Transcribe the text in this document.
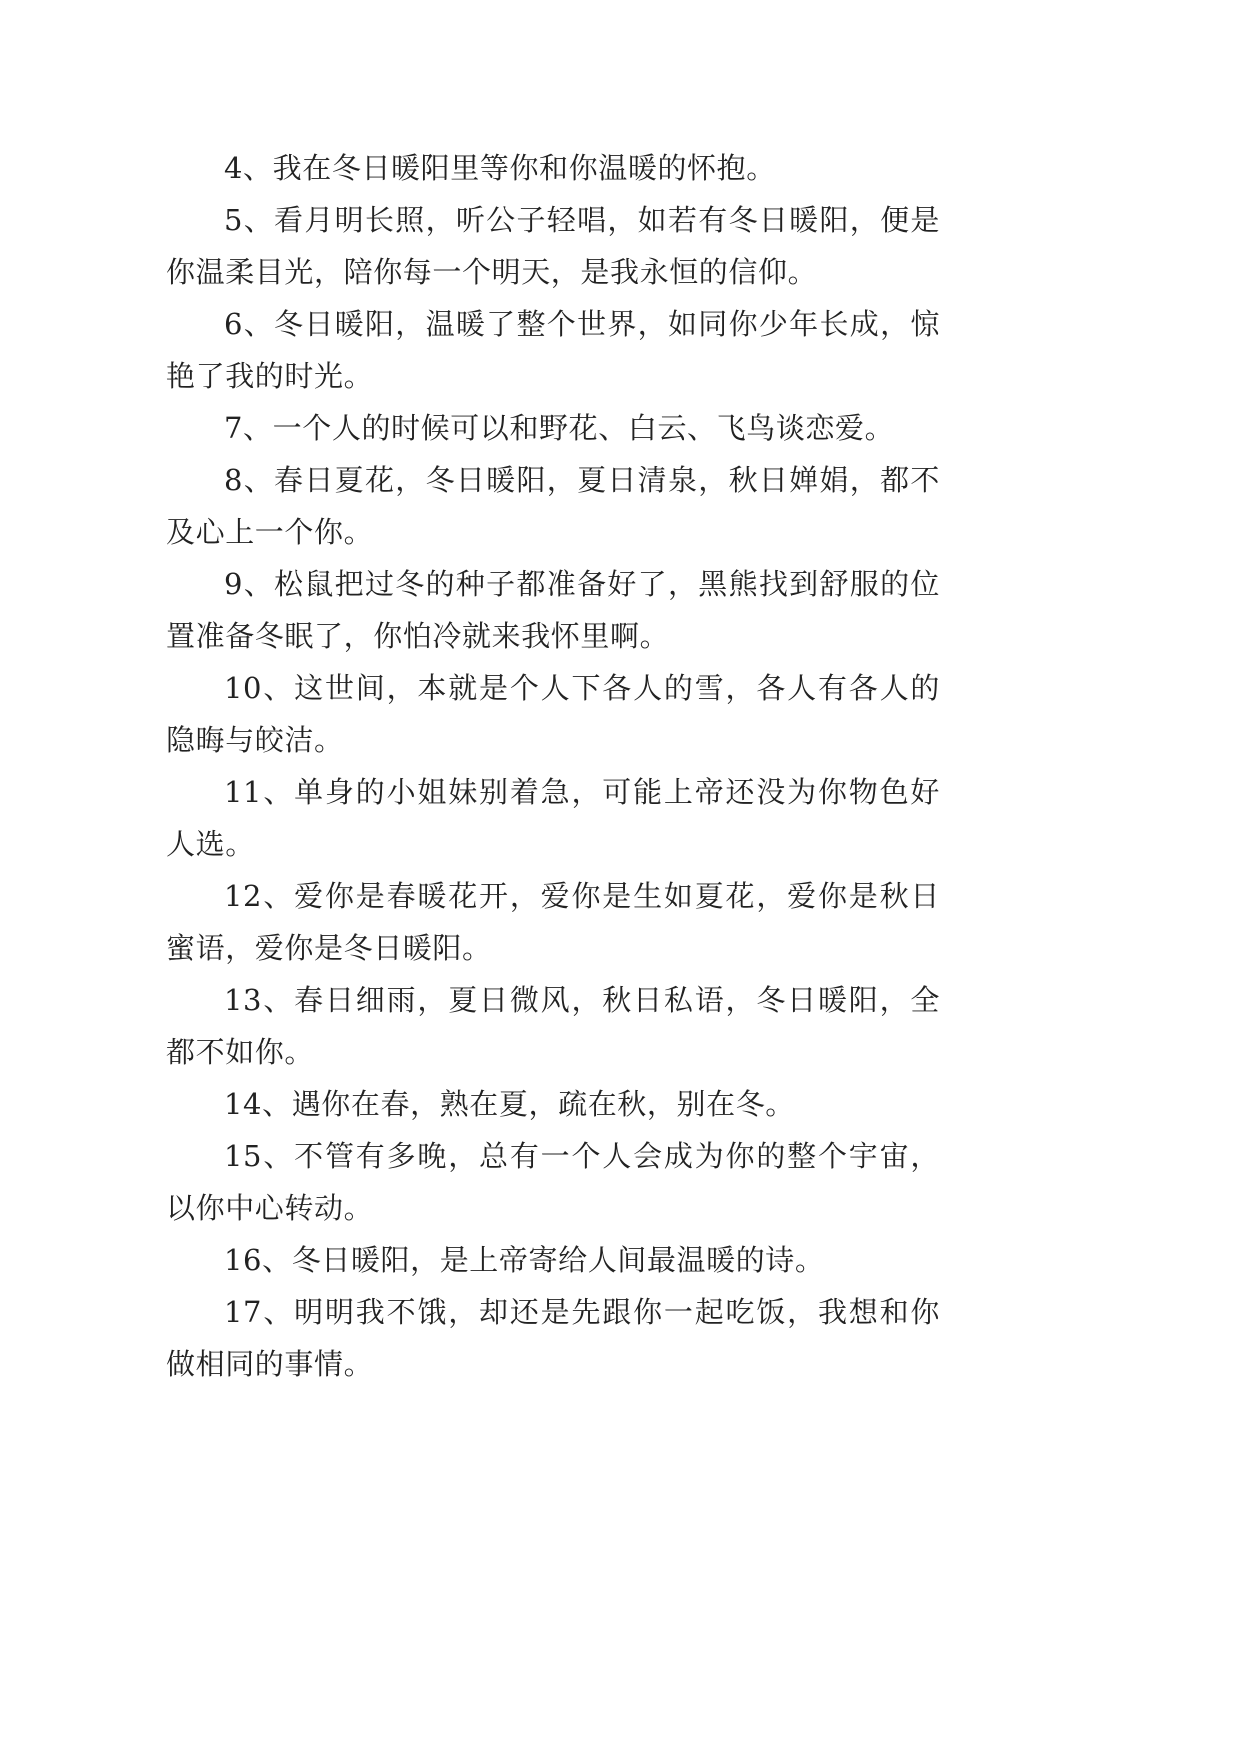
4、我在冬日暖阳里等你和你温暖的怀抱。

5、看月明长照，听公子轻唱，如若有冬日暖阳，便是你温柔目光，陪你每一个明天，是我永恒的信仰。

6、冬日暖阳，温暖了整个世界，如同你少年长成，惊艳了我的时光。

7、一个人的时候可以和野花、白云、飞鸟谈恋爱。

8、春日夏花，冬日暖阳，夏日清泉，秋日婵娟，都不及心上一个你。

9、松鼠把过冬的种子都准备好了，黑熊找到舒服的位置准备冬眠了，你怕冷就来我怀里啊。

10、这世间，本就是个人下各人的雪，各人有各人的隐晦与皎洁。

11、单身的小姐妹别着急，可能上帝还没为你物色好人选。

12、爱你是春暖花开，爱你是生如夏花，爱你是秋日蜜语，爱你是冬日暖阳。

13、春日细雨，夏日微风，秋日私语，冬日暖阳，全都不如你。

14、遇你在春，熟在夏，疏在秋，别在冬。

15、不管有多晚，总有一个人会成为你的整个宇宙，以你中心转动。

16、冬日暖阳，是上帝寄给人间最温暖的诗。

17、明明我不饿，却还是先跟你一起吃饭，我想和你做相同的事情。
